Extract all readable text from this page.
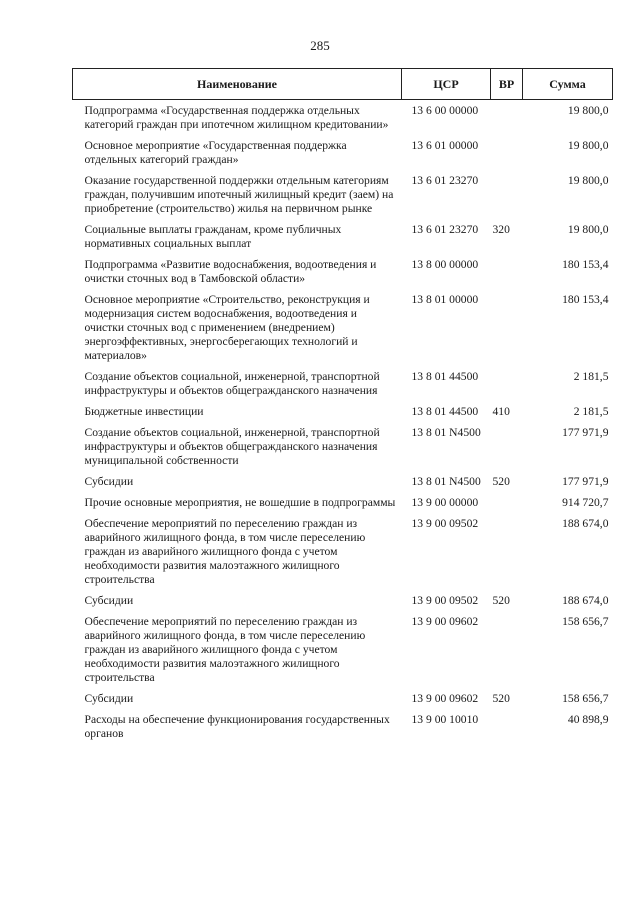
285
Наименование	ЦСР	ВР	Сумма
Подпрограмма «Государственная поддержка отдельных категорий граждан при ипотечном жилищном кредитовании»	13 6 00 00000		19 800,0
Основное мероприятие «Государственная поддержка отдельных категорий граждан»	13 6 01 00000		19 800,0
Оказание государственной поддержки отдельным категориям граждан, получившим ипотечный жилищный кредит (заем) на приобретение (строительство) жилья на первичном рынке	13 6 01 23270		19 800,0
Социальные выплаты гражданам, кроме публичных нормативных социальных выплат	13 6 01 23270	320	19 800,0
Подпрограмма «Развитие водоснабжения, водоотведения и очистки сточных вод в Тамбовской области»	13 8 00 00000		180 153,4
Основное мероприятие «Строительство, реконструкция и модернизация систем водоснабжения, водоотведения и очистки сточных вод с применением (внедрением) энергоэффективных, энергосберегающих технологий и материалов»	13 8 01 00000		180 153,4
Создание объектов социальной, инженерной, транспортной инфраструктуры и объектов общегражданского назначения	13 8 01 44500		2 181,5
Бюджетные инвестиции	13 8 01 44500	410	2 181,5
Создание объектов социальной, инженерной, транспортной инфраструктуры и объектов общегражданского назначения муниципальной собственности	13 8 01 N4500		177 971,9
Субсидии	13 8 01 N4500	520	177 971,9
Прочие основные мероприятия, не вошедшие в подпрограммы	13 9 00 00000		914 720,7
Обеспечение мероприятий по переселению граждан из аварийного жилищного фонда, в том числе переселению граждан из аварийного жилищного фонда с учетом необходимости развития малоэтажного жилищного строительства	13 9 00 09502		188 674,0
Субсидии	13 9 00 09502	520	188 674,0
Обеспечение мероприятий по переселению граждан из аварийного жилищного фонда, в том числе переселению граждан из аварийного жилищного фонда с учетом необходимости развития малоэтажного жилищного строительства	13 9 00 09602		158 656,7
Субсидии	13 9 00 09602	520	158 656,7
Расходы на обеспечение функционирования государственных органов	13 9 00 10010		40 898,9
